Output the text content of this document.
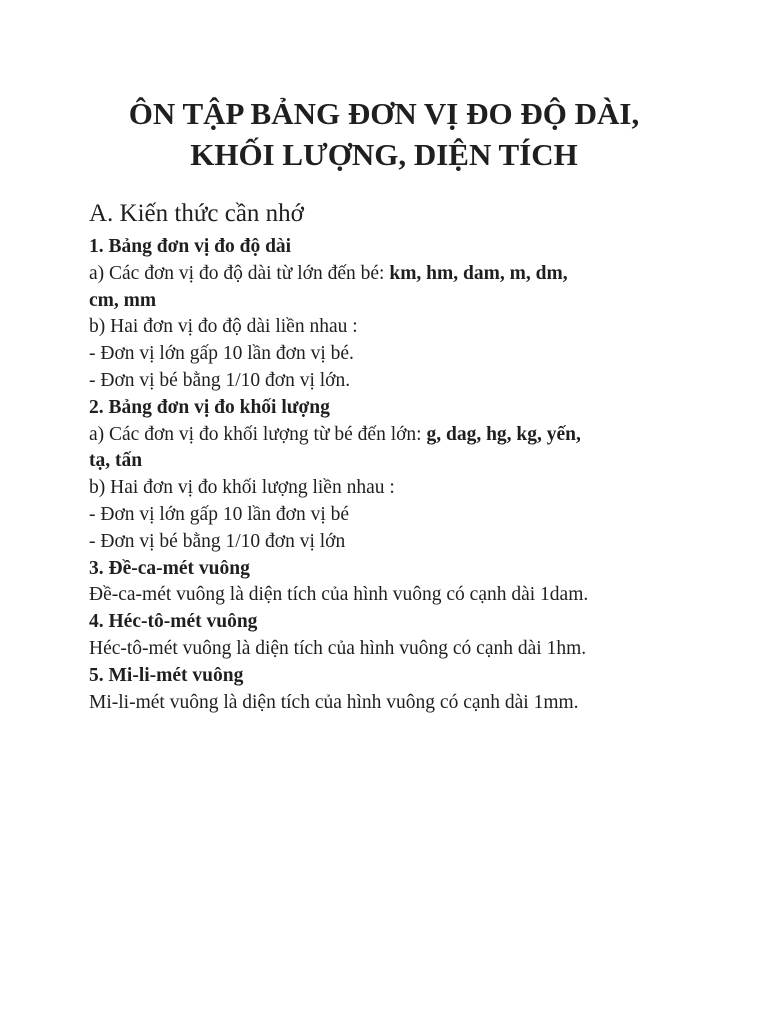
ÔN TẬP BẢNG ĐƠN VỊ ĐO ĐỘ DÀI,
KHỐI LƯỢNG, DIỆN TÍCH
A. Kiến thức cần nhớ
1. Bảng đơn vị đo độ dài
a) Các đơn vị đo độ dài từ lớn đến bé: km, hm, dam, m, dm,
cm, mm
b) Hai đơn vị đo độ dài liền nhau :
- Đơn vị lớn gấp 10 lần đơn vị bé.
- Đơn vị bé bằng 1/10 đơn vị lớn.
2. Bảng đơn vị đo khối lượng
a) Các đơn vị đo khối lượng từ bé đến lớn: g, dag, hg, kg, yến,
tạ, tấn
b) Hai đơn vị đo khối lượng liền nhau :
- Đơn vị lớn gấp 10 lần đơn vị bé
- Đơn vị bé bằng 1/10 đơn vị lớn
3. Đề-ca-mét vuông
Đề-ca-mét vuông là diện tích của hình vuông có cạnh dài 1dam.
4. Héc-tô-mét vuông
Héc-tô-mét vuông là diện tích của hình vuông có cạnh dài 1hm.
5. Mi-li-mét vuông
Mi-li-mét vuông là diện tích của hình vuông có cạnh dài 1mm.
